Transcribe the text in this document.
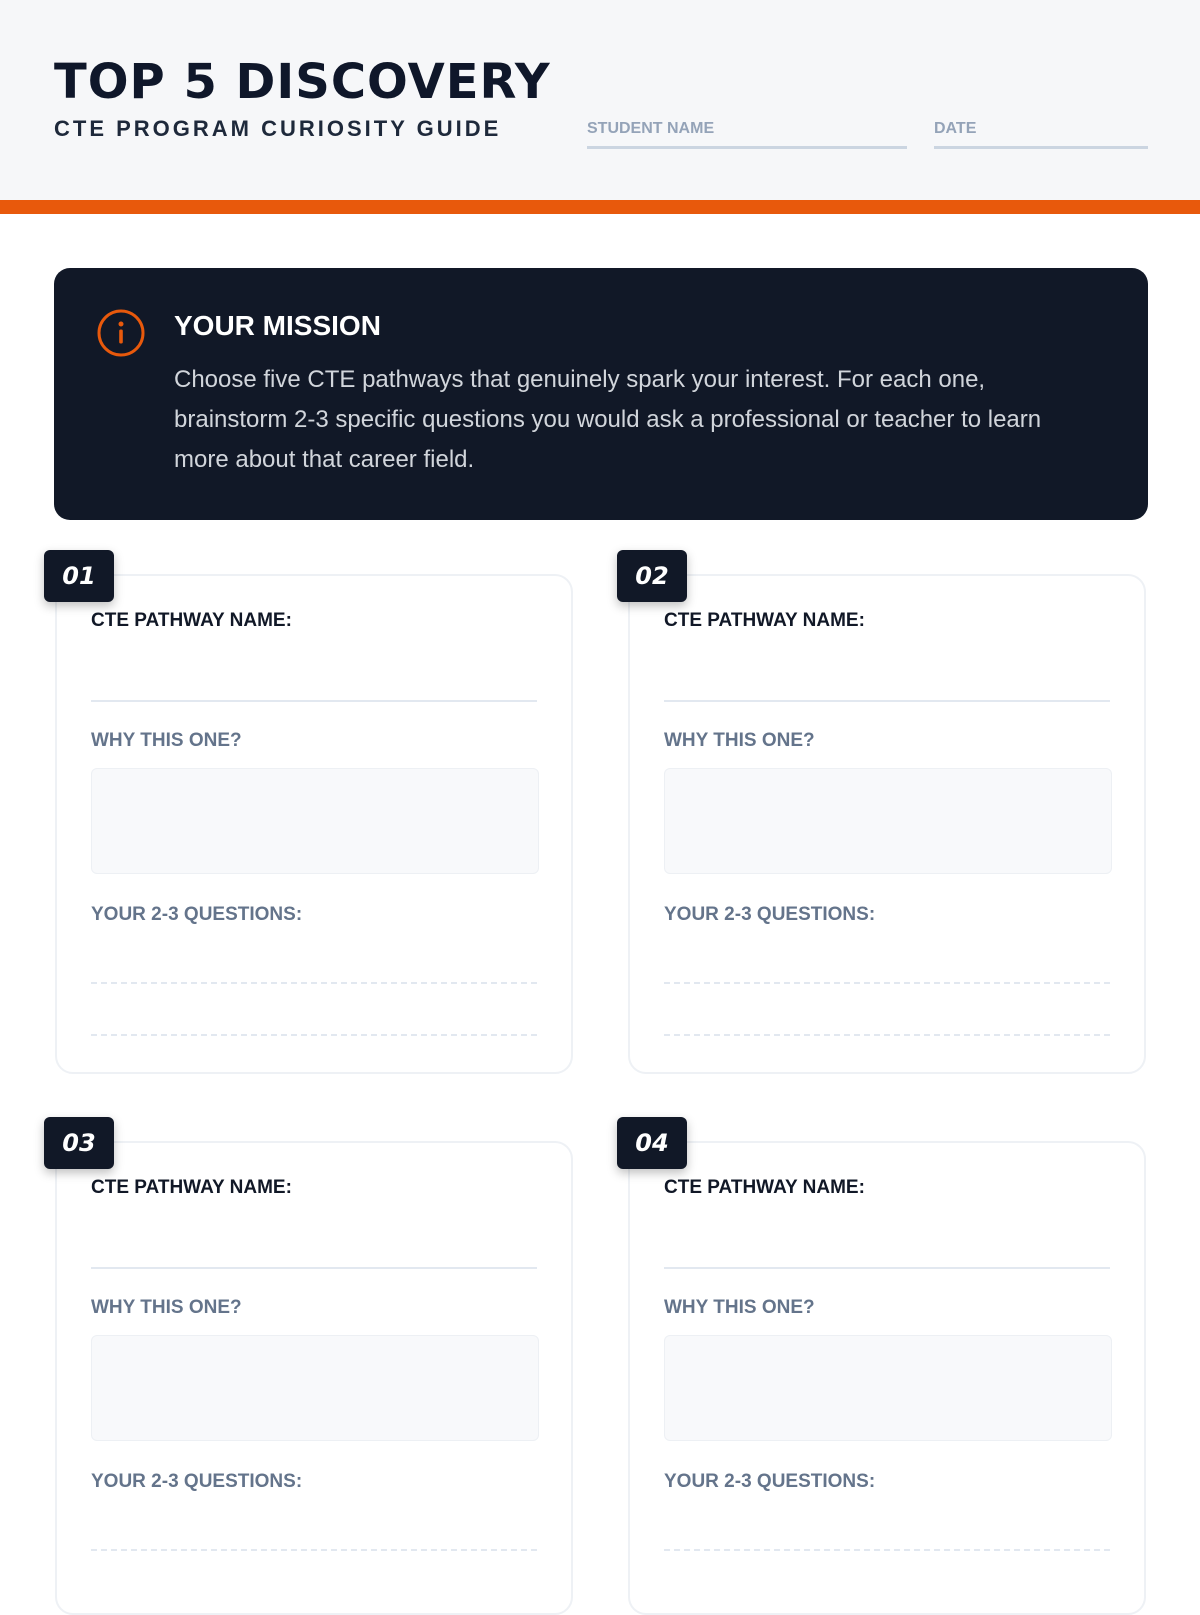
TOP 5 DISCOVERY
CTE PROGRAM CURIOSITY GUIDE	STUDENT NAME	DATE
YOUR MISSION

Choose five CTE pathways that genuinely spark your interest. For each one, brainstorm 2-3 specific questions you would ask a professional or teacher to learn more about that career field.

CTE PATHWAY NAME:
WHY THIS ONE?
YOUR 2-3 QUESTIONS:
01
CTE PATHWAY NAME:
WHY THIS ONE?
YOUR 2-3 QUESTIONS:
02
CTE PATHWAY NAME:
WHY THIS ONE?
YOUR 2-3 QUESTIONS:
03
CTE PATHWAY NAME:
WHY THIS ONE?
YOUR 2-3 QUESTIONS:
04
